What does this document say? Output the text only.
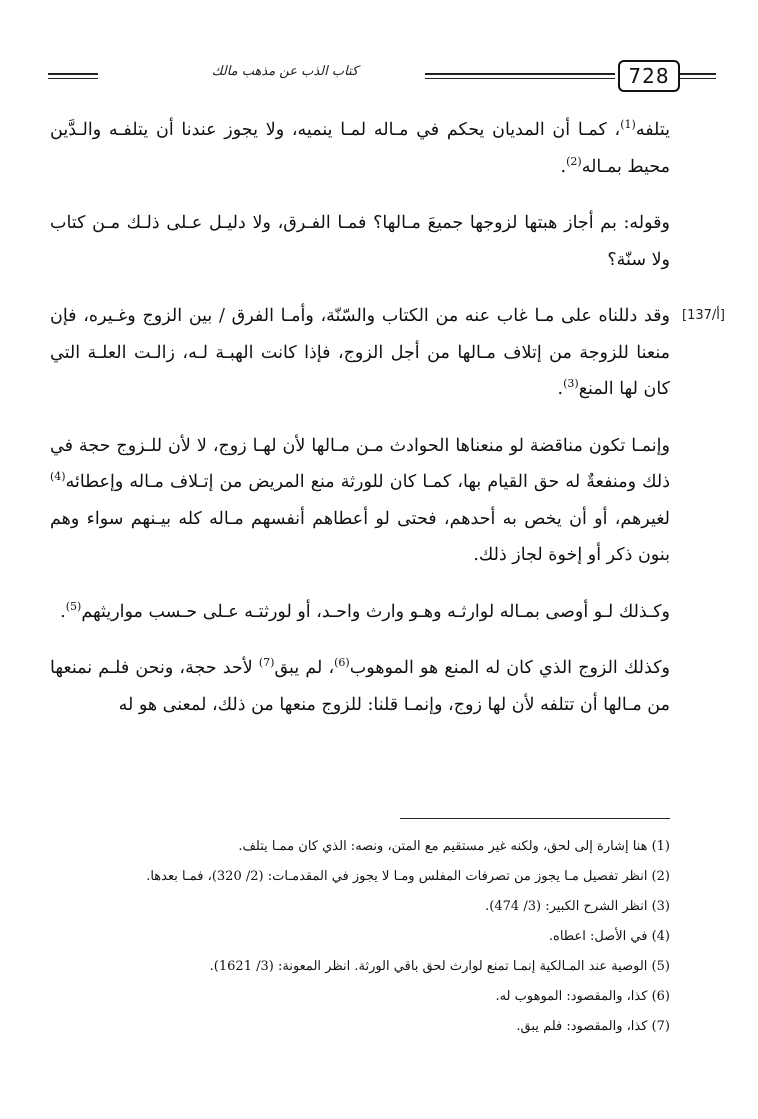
كتاب الذب عن مذهب مالك	728
[137/أ]

يتلفه$^{(1)}$، كمـا أن المديان يحكم في مـاله لمـا ينميه، ولا يجوز عندنا أن يتلفـه والـدَّين محيط بمـاله$^{(2)}$.

وقوله: بم أجاز هبتها لزوجها جميعَ مـالها؟ فمـا الفـرق، ولا دليـل عـلى ذلـك مـن كتاب ولا سنّة؟

وقد دللناه على مـا غاب عنه من الكتاب والسّنّة، وأمـا الفرق / بين الزوج وغـيره، فإن منعنا للزوجة من إتلاف مـالها من أجل الزوج، فإذا كانت الهبـة لـه، زالـت العلـة التي كان لها المنع$^{(3)}$.

وإنمـا تكون مناقضة لو منعناها الحوادث مـن مـالها لأن لهـا زوج، لا لأن للـزوج حجة في ذلك ومنفعةٌ له حق القيام بها، كمـا كان للورثة منع المريض من إتـلاف مـاله وإعطائه$^{(4)}$ لغيرهم، أو أن يخص به أحدهم، فحتى لو أعطاهم أنفسهم مـاله كله بيـنهم سواء وهم بنون ذكر أو إخوة لجاز ذلك.

وكـذلك لـو أوصى بمـاله لوارثـه وهـو وارث واحـد، أو لورثتـه عـلى حـسب مواريثهم$^{(5)}$.

وكذلك الزوج الذي كان له المنع هو الموهوب$^{(6)}$، لم يبق$^{(7)}$ لأحد حجة، ونحن فلـم نمنعها من مـالها أن تتلفه لأن لها زوج، وإنمـا قلنا: للزوج منعها من ذلك، لمعنى هو له

(1) هنا إشارة إلى لحق، ولكنه غير مستقيم مع المتن، ونصه: الذي كان ممـا يتلف.
(2) انظر تفصيل مـا يجوز من تصرفات المفلس ومـا لا يجوز في المقدمـات: (2/ 320)، فمـا بعدها.
(3) انظر الشرح الكبير: (3/ 474).
(4) في الأصل: اعطاه.
(5) الوصية عند المـالكية إنمـا تمنع لوارث لحق باقي الورثة. انظر المعونة: (3/ 1621).
(6) كذا، والمقصود: الموهوب له.
(7) كذا، والمقصود: فلم يبق.
